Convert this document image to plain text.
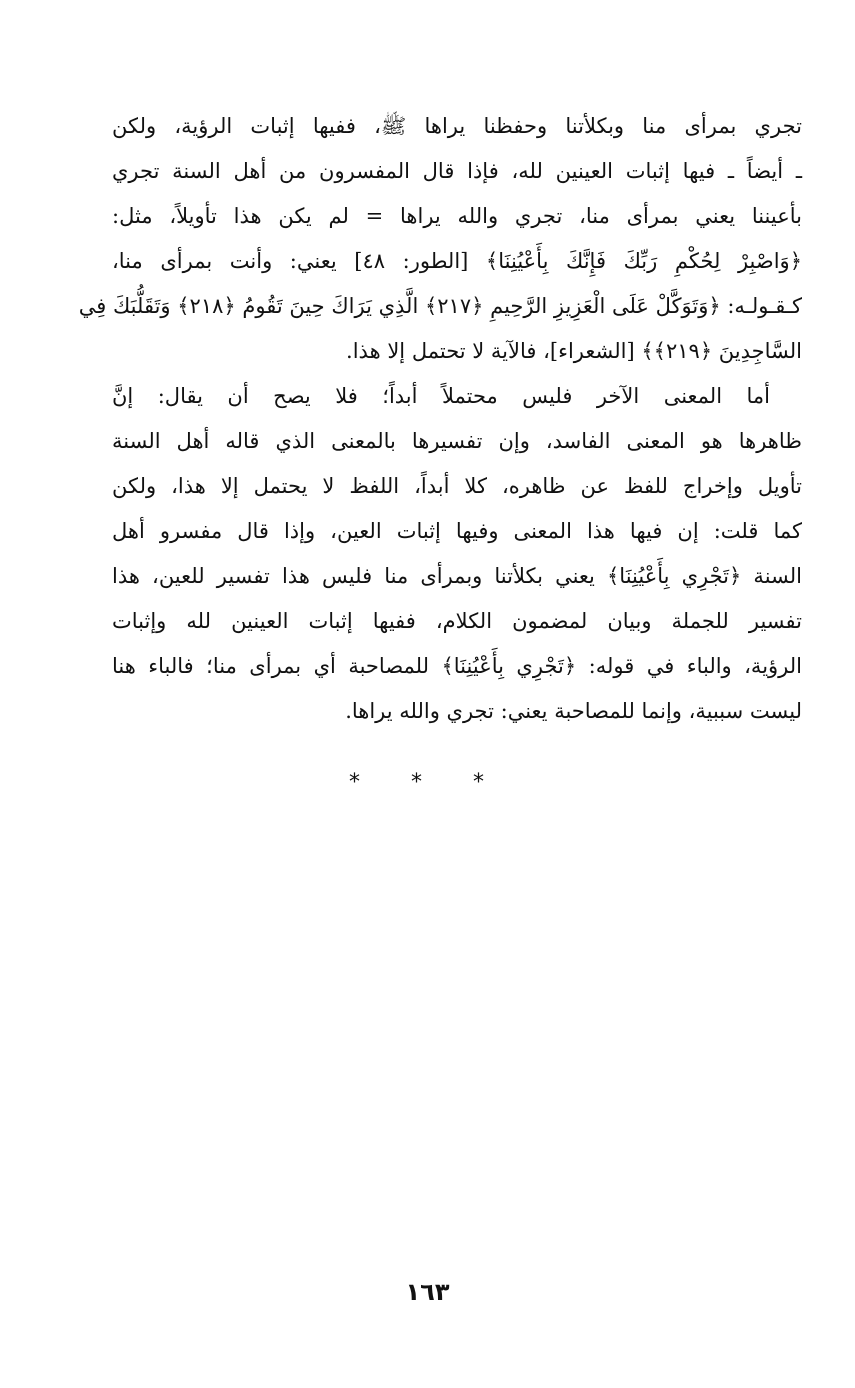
تجري بمرأى منا وبكلأتنا وحفظنا يراها ﷺ، ففيها إثبات الرؤية، ولكن
ـ أيضاً ـ فيها إثبات العينين لله، فإذا قال المفسرون من أهل السنة تجري
بأعيننا يعني بمرأى منا، تجري والله يراها = لم يكن هذا تأويلاً، مثل:
﴿وَاصْبِرْ لِحُكْمِ رَبِّكَ فَإِنَّكَ بِأَعْيُنِنَا﴾ [الطور: ٤٨] يعني: وأنت بمرأى منا،
كـقـولـه: ﴿وَتَوَكَّلْ عَلَى الْعَزِيزِ الرَّحِيمِ ﴿٢١٧﴾ الَّذِي يَرَاكَ حِينَ تَقُومُ ﴿٢١٨﴾ وَتَقَلُّبَكَ فِي
السَّاجِدِينَ ﴿٢١٩﴾﴾ [الشعراء]، فالآية لا تحتمل إلا هذا.
أما المعنى الآخر فليس محتملاً أبداً؛ فلا يصح أن يقال: إنَّ
ظاهرها هو المعنى الفاسد، وإن تفسيرها بالمعنى الذي قاله أهل السنة
تأويل وإخراج للفظ عن ظاهره، كلا أبداً، اللفظ لا يحتمل إلا هذا، ولكن
كما قلت: إن فيها هذا المعنى وفيها إثبات العين، وإذا قال مفسرو أهل
السنة ﴿تَجْرِي بِأَعْيُنِنَا﴾ يعني بكلأتنا وبمرأى منا فليس هذا تفسير للعين، هذا
تفسير للجملة وبيان لمضمون الكلام، ففيها إثبات العينين لله وإثبات
الرؤية، والباء في قوله: ﴿تَجْرِي بِأَعْيُنِنَا﴾ للمصاحبة أي بمرأى منا؛ فالباء هنا
ليست سببية، وإنما للمصاحبة يعني: تجري والله يراها.
* * *
١٦٣
